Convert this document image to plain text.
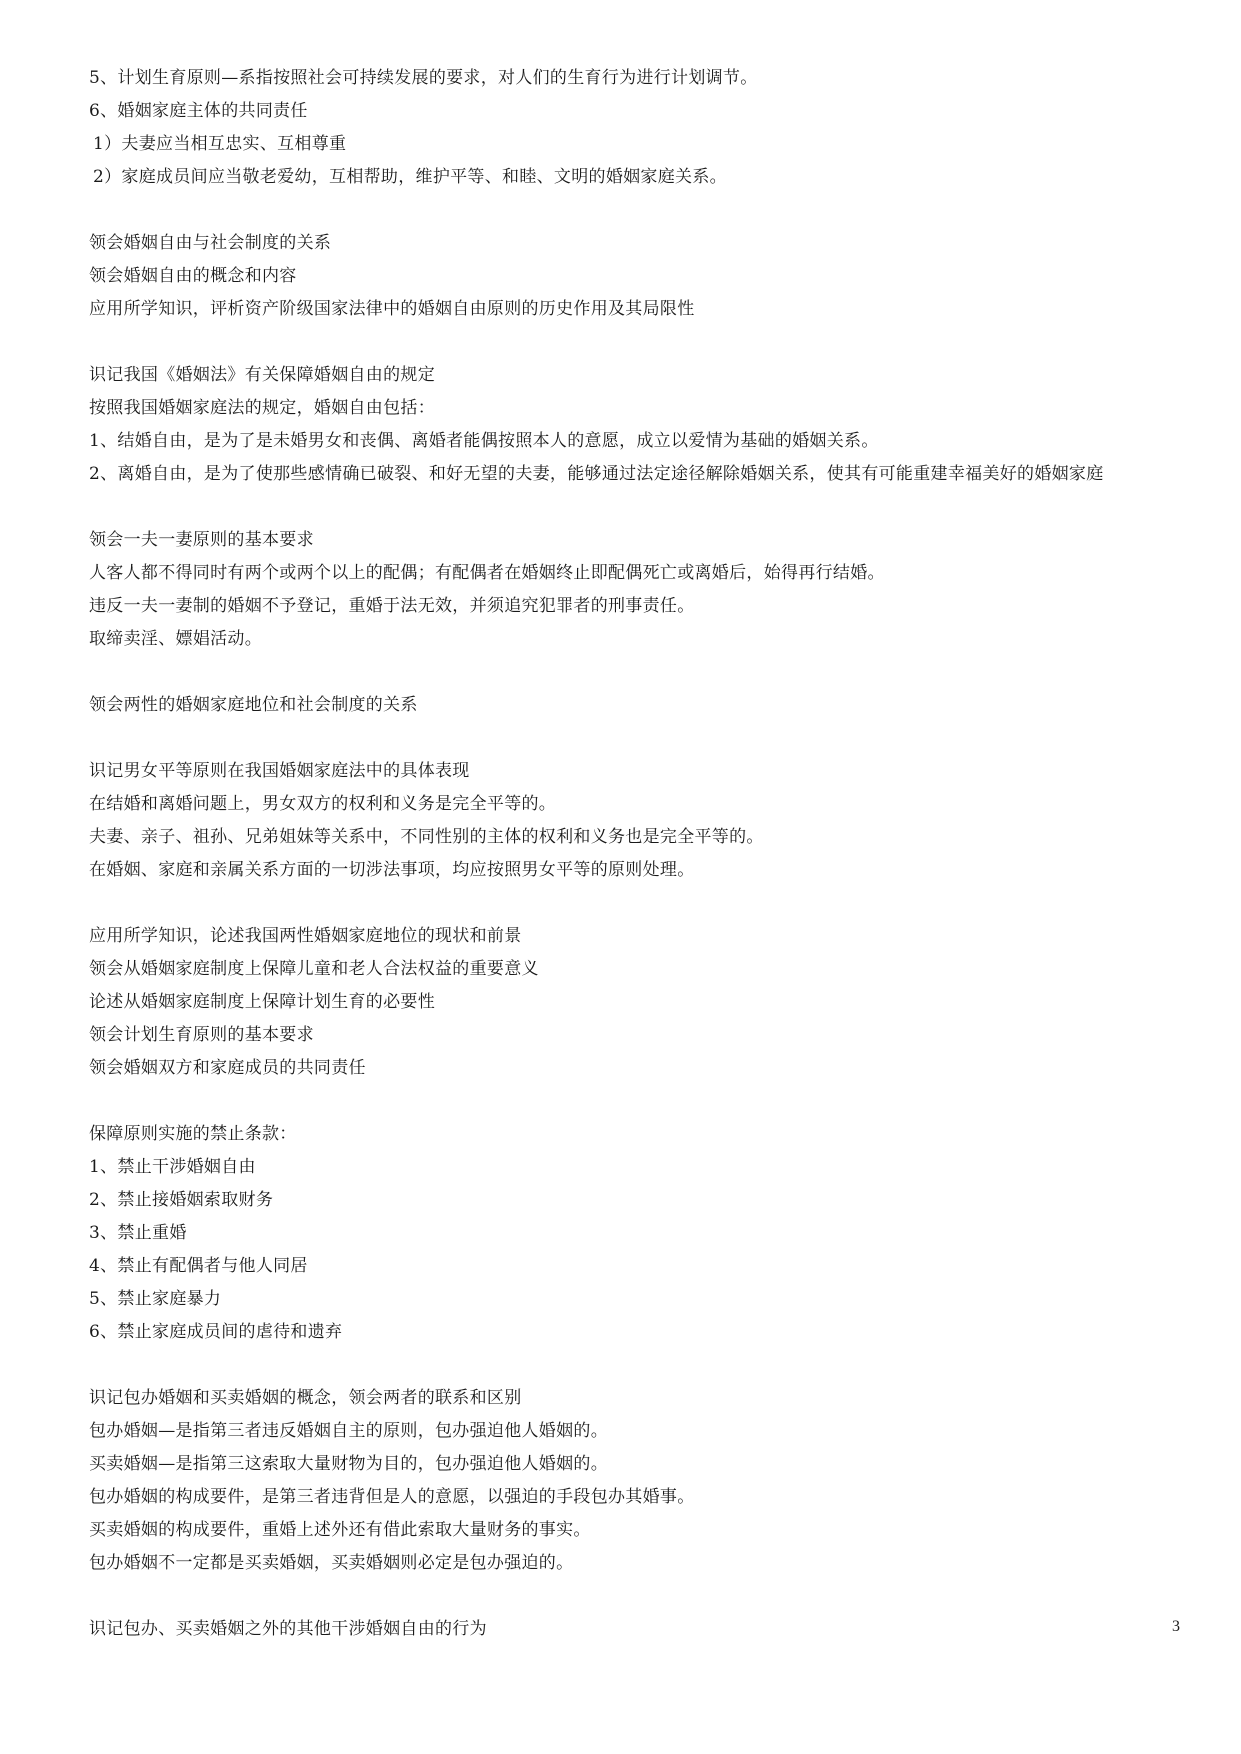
5、计划生育原则—系指按照社会可持续发展的要求，对人们的生育行为进行计划调节。
6、婚姻家庭主体的共同责任
1）夫妻应当相互忠实、互相尊重
2）家庭成员间应当敬老爱幼，互相帮助，维护平等、和睦、文明的婚姻家庭关系。
领会婚姻自由与社会制度的关系
领会婚姻自由的概念和内容
应用所学知识，评析资产阶级国家法律中的婚姻自由原则的历史作用及其局限性
识记我国《婚姻法》有关保障婚姻自由的规定
按照我国婚姻家庭法的规定，婚姻自由包括：
1、结婚自由，是为了是未婚男女和丧偶、离婚者能偶按照本人的意愿，成立以爱情为基础的婚姻关系。
2、离婚自由，是为了使那些感情确已破裂、和好无望的夫妻，能够通过法定途径解除婚姻关系，使其有可能重建幸福美好的婚姻家庭
领会一夫一妻原则的基本要求
人客人都不得同时有两个或两个以上的配偶；有配偶者在婚姻终止即配偶死亡或离婚后，始得再行结婚。
违反一夫一妻制的婚姻不予登记，重婚于法无效，并须追究犯罪者的刑事责任。
取缔卖淫、嫖娼活动。
领会两性的婚姻家庭地位和社会制度的关系
识记男女平等原则在我国婚姻家庭法中的具体表现
在结婚和离婚问题上，男女双方的权利和义务是完全平等的。
夫妻、亲子、祖孙、兄弟姐妹等关系中，不同性别的主体的权利和义务也是完全平等的。
在婚姻、家庭和亲属关系方面的一切涉法事项，均应按照男女平等的原则处理。
应用所学知识，论述我国两性婚姻家庭地位的现状和前景
领会从婚姻家庭制度上保障儿童和老人合法权益的重要意义
论述从婚姻家庭制度上保障计划生育的必要性
领会计划生育原则的基本要求
领会婚姻双方和家庭成员的共同责任
保障原则实施的禁止条款：
1、禁止干涉婚姻自由
2、禁止接婚姻索取财务
3、禁止重婚
4、禁止有配偶者与他人同居
5、禁止家庭暴力
6、禁止家庭成员间的虐待和遗弃
识记包办婚姻和买卖婚姻的概念，领会两者的联系和区别
包办婚姻—是指第三者违反婚姻自主的原则，包办强迫他人婚姻的。
买卖婚姻—是指第三这索取大量财物为目的，包办强迫他人婚姻的。
包办婚姻的构成要件，是第三者违背但是人的意愿，以强迫的手段包办其婚事。
买卖婚姻的构成要件，重婚上述外还有借此索取大量财务的事实。
包办婚姻不一定都是买卖婚姻，买卖婚姻则必定是包办强迫的。
识记包办、买卖婚姻之外的其他干涉婚姻自由的行为	3
